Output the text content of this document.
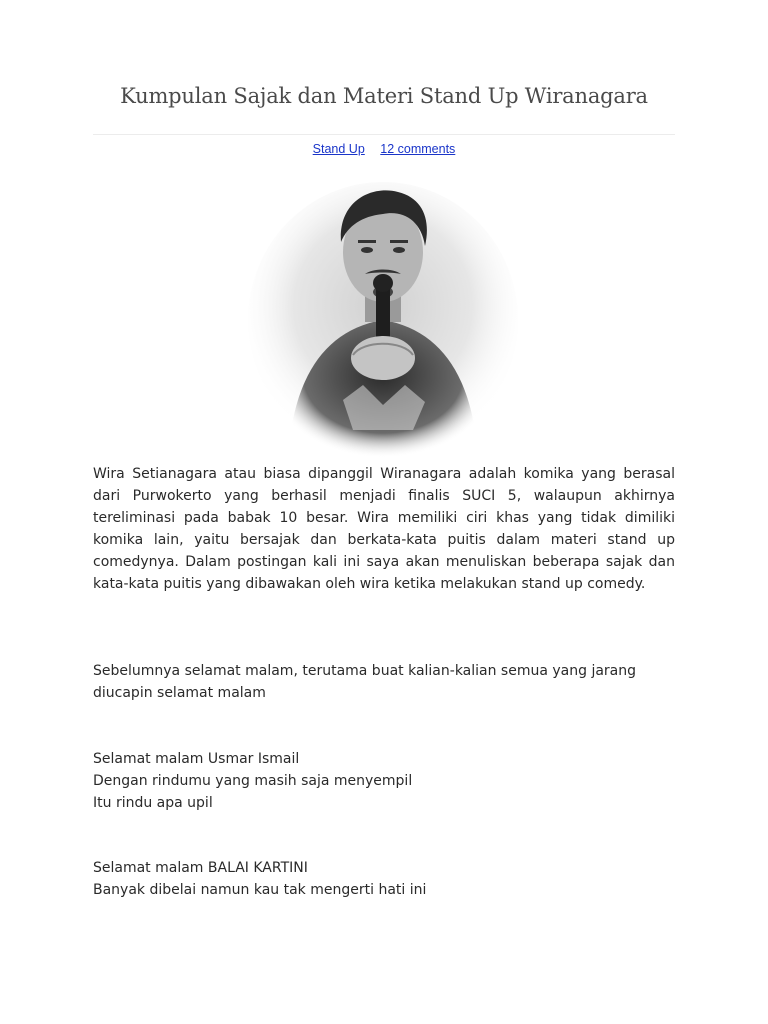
Kumpulan Sajak dan Materi Stand Up Wiranagara
Stand Up 12 comments

Wira Setianagara atau biasa dipanggil Wiranagara adalah komika yang berasal dari Purwokerto yang berhasil menjadi finalis SUCI 5, walaupun akhirnya tereliminasi pada babak 10 besar. Wira memiliki ciri khas yang tidak dimiliki komika lain, yaitu bersajak dan berkata-kata puitis dalam materi stand up comedynya. Dalam postingan kali ini saya akan menuliskan beberapa sajak dan kata-kata puitis yang dibawakan oleh wira ketika melakukan stand up comedy.

Sebelumnya selamat malam, terutama buat kalian-kalian semua yang jarang
diucapin selamat malam

Selamat malam Usmar Ismail
Dengan rindumu yang masih saja menyempil
Itu rindu apa upil

Selamat malam BALAI KARTINI
Banyak dibelai namun kau tak mengerti hati ini
